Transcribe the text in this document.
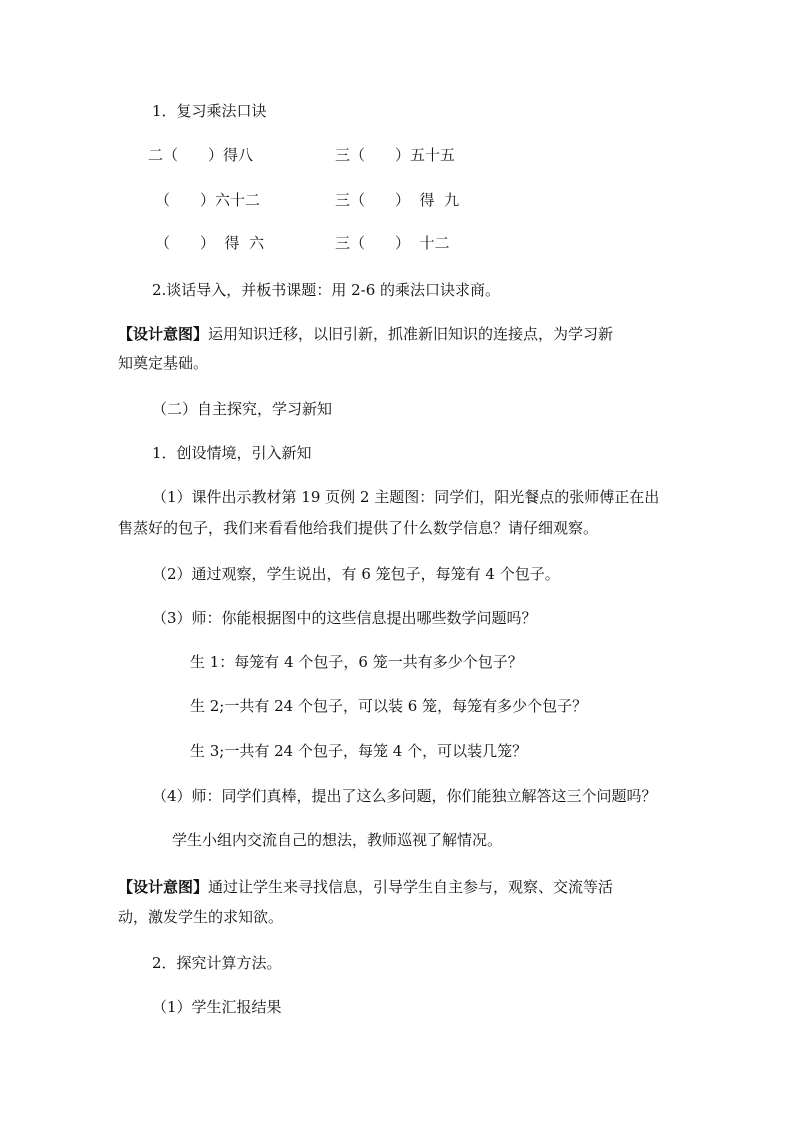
1．复习乘法口诀
二（　　）得八	三（　　）五十五
（　　）六十二	三（　　）  得  九
（　　）  得  六	三（　　）  十二
2.谈话导入，并板书课题：用 2-6 的乘法口诀求商。
【设计意图】运用知识迁移，以旧引新，抓准新旧知识的连接点，为学习新
知奠定基础。
（二）自主探究，学习新知
1．创设情境，引入新知
（1）课件出示教材第 19 页例 2 主题图：同学们，阳光餐点的张师傅正在出
售蒸好的包子，我们来看看他给我们提供了什么数学信息？请仔细观察。
（2）通过观察，学生说出，有 6 笼包子，每笼有 4 个包子。
（3）师：你能根据图中的这些信息提出哪些数学问题吗？
生 1：每笼有 4 个包子，6 笼一共有多少个包子？
生 2;一共有 24 个包子，可以装 6 笼，每笼有多少个包子？
生 3;一共有 24 个包子，每笼 4 个，可以装几笼？
（4）师：同学们真棒，提出了这么多问题，你们能独立解答这三个问题吗？
学生小组内交流自己的想法，教师巡视了解情况。
【设计意图】通过让学生来寻找信息，引导学生自主参与，观察、交流等活
动，激发学生的求知欲。
2．探究计算方法。
（1）学生汇报结果
